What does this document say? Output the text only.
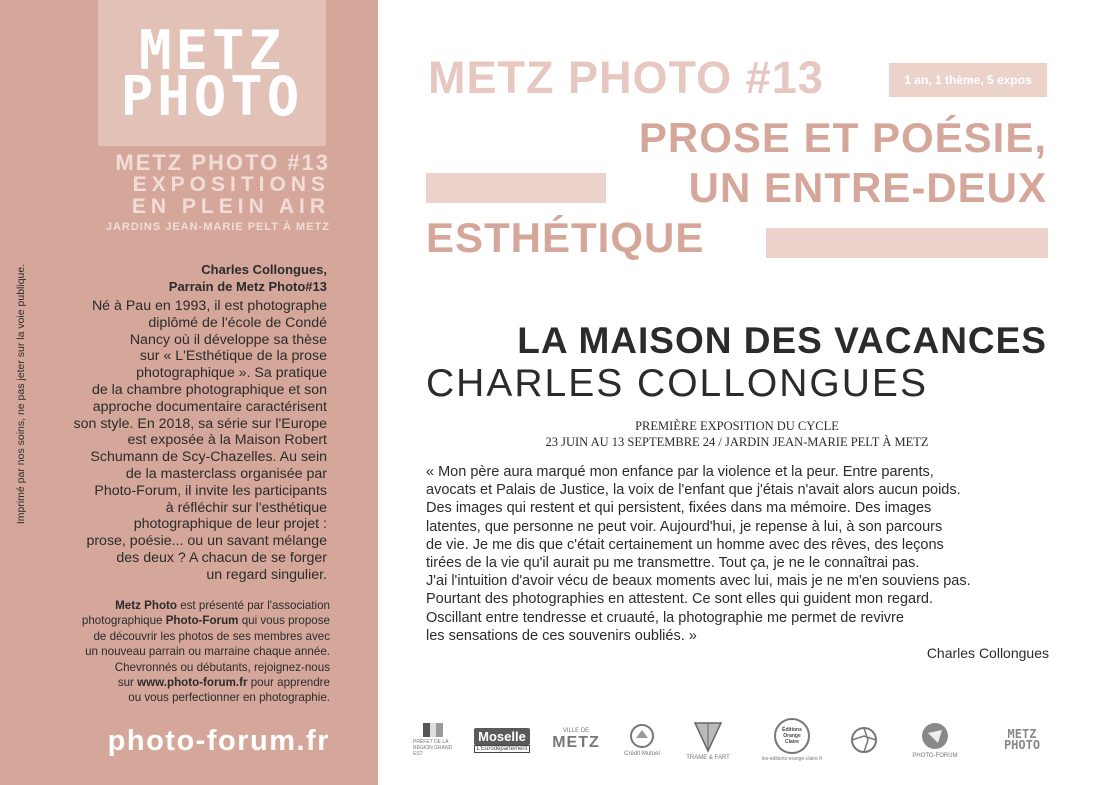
Imprimé par nos soins, ne pas jeter sur la voie publique.
METZ
PHOTO
METZ PHOTO #13
EXPOSITIONS
EN PLEIN AIR
JARDINS JEAN-MARIE PELT À METZ
Charles Collongues,
Parrain de Metz Photo#13
Né à Pau en 1993, il est photographe
diplômé de l'école de Condé
Nancy où il développe sa thèse
sur « L'Esthétique de la prose
photographique ». Sa pratique
de la chambre photographique et son
approche documentaire caractérisent
son style. En 2018, sa série sur l'Europe
est exposée à la Maison Robert
Schumann de Scy-Chazelles. Au sein
de la masterclass organisée par
Photo-Forum, il invite les participants
à réfléchir sur l'esthétique
photographique de leur projet :
prose, poésie... ou un savant mélange
des deux ? A chacun de se forger
un regard singulier.
Metz Photo est présenté par l'association
photographique Photo-Forum qui vous propose
de découvrir les photos de ses membres avec
un nouveau parrain ou marraine chaque année.
Chevronnés ou débutants, rejoignez-nous
sur www.photo-forum.fr pour apprendre
ou vous perfectionner en photographie.
photo-forum.fr
METZ PHOTO #13	1 an, 1 thème, 5 expos
PROSE ET POÉSIE,
UN ENTRE-DEUX
ESTHÉTIQUE
LA MAISON DES VACANCES
CHARLES COLLONGUES
PREMIÈRE EXPOSITION DU CYCLE
23 JUIN AU 13 SEPTEMBRE 24 / JARDIN JEAN-MARIE PELT À METZ

« Mon père aura marqué mon enfance par la violence et la peur. Entre parents,

avocats et Palais de Justice, la voix de l'enfant que j'étais n'avait alors aucun poids.

Des images qui restent et qui persistent, fixées dans ma mémoire. Des images

latentes, que personne ne peut voir. Aujourd'hui, je repense à lui, à son parcours

de vie. Je me dis que c'était certainement un homme avec des rêves, des leçons

tirées de la vie qu'il aurait pu me transmettre. Tout ça, je ne le connaîtrai pas.

J'ai l'intuition d'avoir vécu de beaux moments avec lui, mais je ne m'en souviens pas.

Pourtant des photographies en attestent. Ce sont elles qui guident mon regard.

Oscillant entre tendresse et cruauté, la photographie me permet de revivre

les sensations de ces souvenirs oubliés. »

Charles Collongues
PRÉFET DE LA RÉGION GRAND EST
Moselle
L'Eurodépartement
VILLE DE
METZ
Crédit Mutuel
TRAME & FART
Éditions Orange Claire
les-editions-orange-claire.fr	PHOTO-FORUM
METZ
PHOTO
